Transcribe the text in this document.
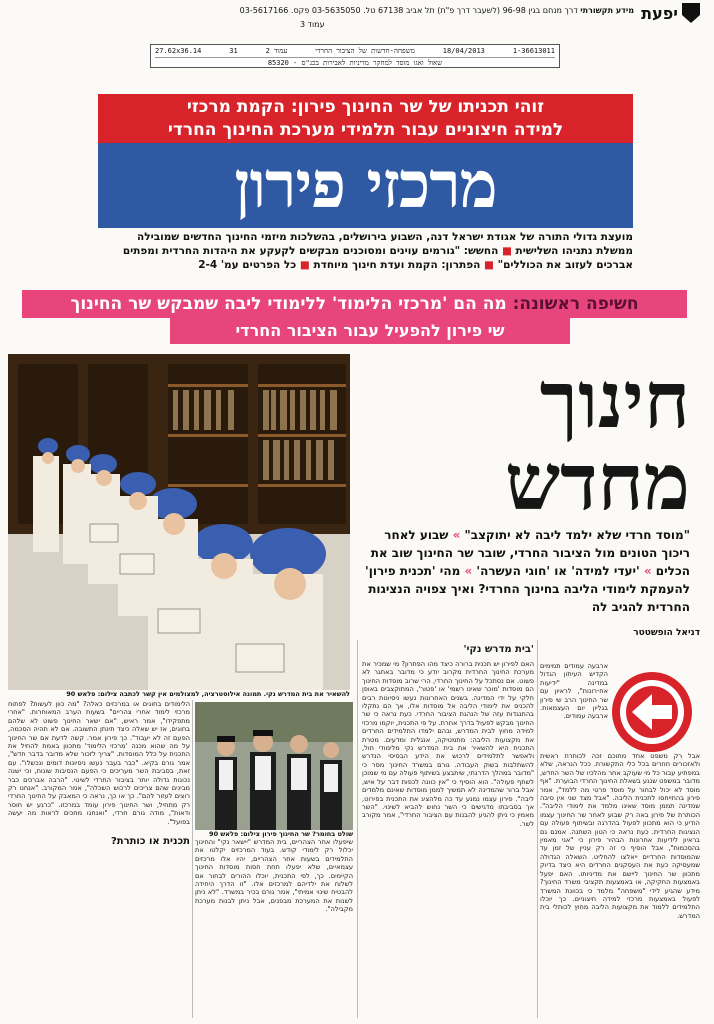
יפעת
מידע תקשורתי דרך מנחם בגין 96-98 (לשעבר דרך פ"ת) תל אביב 67138 טל. 03-5635050 פקס. 03-5617166
עמוד 3
1-36613011
18/04/2013
משפחה-חדשות של הציבור החרדי
עמוד 2
31
27.62x36.14
שאול ואגו מוסד למחקר מדיניות לאבירות בכנ"ס - 85320
זוהי תכניתו של שר החינוך פירון: הקמת מרכזי
למידה חיצוניים עבור תלמידי מערכת החינוך החרדי
מרכזי פירון
מועצת גדולי התורה של אגודת ישראל דנה, השבוע בירושלים, בהשלכות מיזמי החינוך החדשים שמובילה ממשלת נתניהו השלישית ■ החשש: "גורמים עוינים ומסוכנים מבקשים לקעקע את היהדות החרדית ומפתים אברכים לעזוב את הכוללים" ■ הפתרון: הקמת ועדת חינוך מיוחדת ■ כל הפרטים עמ' 2-4
חשיפה ראשונה: מה הם 'מרכזי הלימוד' ללימודי ליבה שמבקש שר החינוך
שי פירון להפעיל עבור הציבור החרדי
להשאיר את בית המדרש נקי. תמונה אילוסטרציה, למצולמים אין קשר לכתבה צילום: פלאש 90
חינוך
מחדש
"מוסד חרדי שלא ילמד ליבה לא יתוקצב" » שבוע לאחר ריכוך הטונים מול הציבור החרדי, שובר שר החינוך שוב את הכלים » 'יעדי למידה' או 'חוגי העשרה' » מהי 'תכנית פירון' להעמקת לימודי הליבה בחינוך החרדי? ואיך צפויה הנציגות החרדית להגיב לה
דניאל הופשטטר
ארבעה עמודים תמימים הקדיש העיתון הגדול במדינה "ידיעות אח-רונות", לראיון עם שר החינוך הרב שי פירון בגליון יום העצמאות. ארבעה עמודים.
אבל רק משפט אחד מתוכם זכה לכותרת ראשית ולאזכורים חוזרים בכל כלי התקשורת. ככל הנראה, שלא במפתיע עבור כל מי שעוקב אחר מהלכיו של השר החדש, מדובר במשפט שנגע בשאלת החינוך החרדי הבוערת. "אף מוסד לא יכול לבחור על מוסד פרטי מה ללמד", אמר פירון בהתייחסו לתכנית הליבה. "אבל מצד שני אין סיבה שמדינה תממן מוסד שאינו מלמד את לימודי הליבה". הכותרת של פירון באה רק שבוע לאחר שר החינוך עצמו הודיע כי הוא מתכוון לפעול בהדרגה ובשיתוף פעולה עם הנציגות החרדית. כעת נראה כי הטון השתנה. אמנם גם בראיון לידיעות אחרונות הבהיר פירון כי "אני מאמין בהסכמות", אבל הוסיף כי זה רק עניין של זמן עד שהמוסדות החרדיים ייאלצו להחליט. השאלה הגדולה שמעסיקה כעת את העסקנים החרדים היא כיצד בדיוק מתכוון שר החינוך ליישם את מדיניותו. האם יפעל באמצעות החקיקה, או באמצעות תקציבי משרד החינוך? מידע שהגיע לידי "משפחה" מלמד כי בכוונת המשרד לפעול באמצעות מרכזי למידה חיצוניים. כך יוכלו התלמידים ללמוד את מקצועות הליבה מחוץ לכותלי בית המדרש.
'בית מדרש נקי'
האם לפירון יש תכנית ברורה כיצד מהו הפתרון? מי שמכיר את מערכת החינוך החרדית מקרוב יודע כי מדובר באתגר לא פשוט. אם נסתכל על החינוך החרדי, הרי שרוב מוסדות החינוך הם מוסדות 'מוכר שאינו רשמי' או 'פטור', המתוקצבים באופן חלקי על ידי המדינה. בשנים האחרונות נעשו ניסיונות רבים להכניס את לימודי הליבה אל מוסדות אלו, אך הם נתקלו בהתנגדות עזה של הנהגת הציבור החרדי. כעת נראה כי שר החינוך מבקש לפעול בדרך אחרת. על פי התכנית, יוקמו מרכזי למידה מחוץ לבית המדרש, ובהם ילמדו התלמידים החרדים את מקצועות הליבה: מתמטיקה, אנגלית ומדעים. מטרת התכנית היא להשאיר את בית המדרש נקי מלימודי חול, ולאפשר לתלמידים לרכוש את הידע הבסיסי הנדרש להשתלבות בשוק העבודה. גורם במשרד החינוך מסר כי "מדובר במהלך הדרגתי, שיתבצע בשיתוף פעולה עם מי שמוכן לשתף פעולה". הוא הוסיף כי "אין כוונה לכפות דבר על איש, אבל ברור שהמדינה לא תמשיך לממן מוסדות שאינם מלמדים ליבה". פירון עצמו נמנע עד כה מלהציג את התכנית בפירוט, אך בסביבתו מדגישים כי השר נחוש להביא לשינוי. "השר מאמין כי ניתן להגיע להבנות עם הציבור החרדי", אמר מקורב לשר.
שולט בחומר? שר החינוך פירון צילום: פלאש 90
שיפעלו אחר הצהריים, בית המדרש "יישאר נקי" והחינוך יכלול רק לימודי קודש. בעוד המרכזים יקלטו את התלמידים בשעות אחר הצהריים, יהיו אלו מרכזים עצמאיים, שלא יפעלו תחת חסות מוסדות החינוך הקיימים. כך, לפי התכנית, יוכלו ההורים לבחור אם לשלוח את ילדיהם למרכזים אלו. "זו הדרך היחידה להבטיח שינוי אמיתי", אמר גורם בכיר במשרד. "לא ניתן לשנות את המערכת מבפנים, אבל ניתן לבנות מערכת מקבילה".
הלימודים בחוגים או במרכזים כאלה? "מה כוון לעשות? לפתוח מרכזי לימוד אחרי צהריים" בשעות הערב המאוחרות. "אחרי מתפקידו", אמר ראיש, "אם ישאר החינוך פשוט לא שלהם בחוגים, אז יש שאלה כיצד תינתן התשובה. אם לא תהיה הסכמה, הפעם זה לא יעבוד". כך פירון אמר. קשה לדעת אם שר החינוך על מה שהוא מכנה 'מרכזי הלימוד' מתכוון באמת להחיל את התכנית על כלל המוסדות. "צריך לזכור שלא מדובר בדבר חדש", אמר גורם בקיא. "כבר בעבר נעשו ניסיונות דומים ונכשלו". עם זאת, בסביבת השר מעריכים כי הפעם הנסיבות שונות, וכי ישנה נכונות גדולה יותר בציבור החרדי לשינוי. "הרבה אברכים כבר מבינים שהם צריכים לרכוש השכלה", אמר המקורב. "אנחנו רק רוצים לעזור להם". כך או כך, נראה כי המאבק על החינוך החרדי רק מתחיל, ושר החינוך פירון עומד במרכזו. "כרגע יש חוסר ודאות", מודה גורם חרדי, "ואנחנו מחכים לראות מה יעשה בפועל".
תכנית או כותרת?
